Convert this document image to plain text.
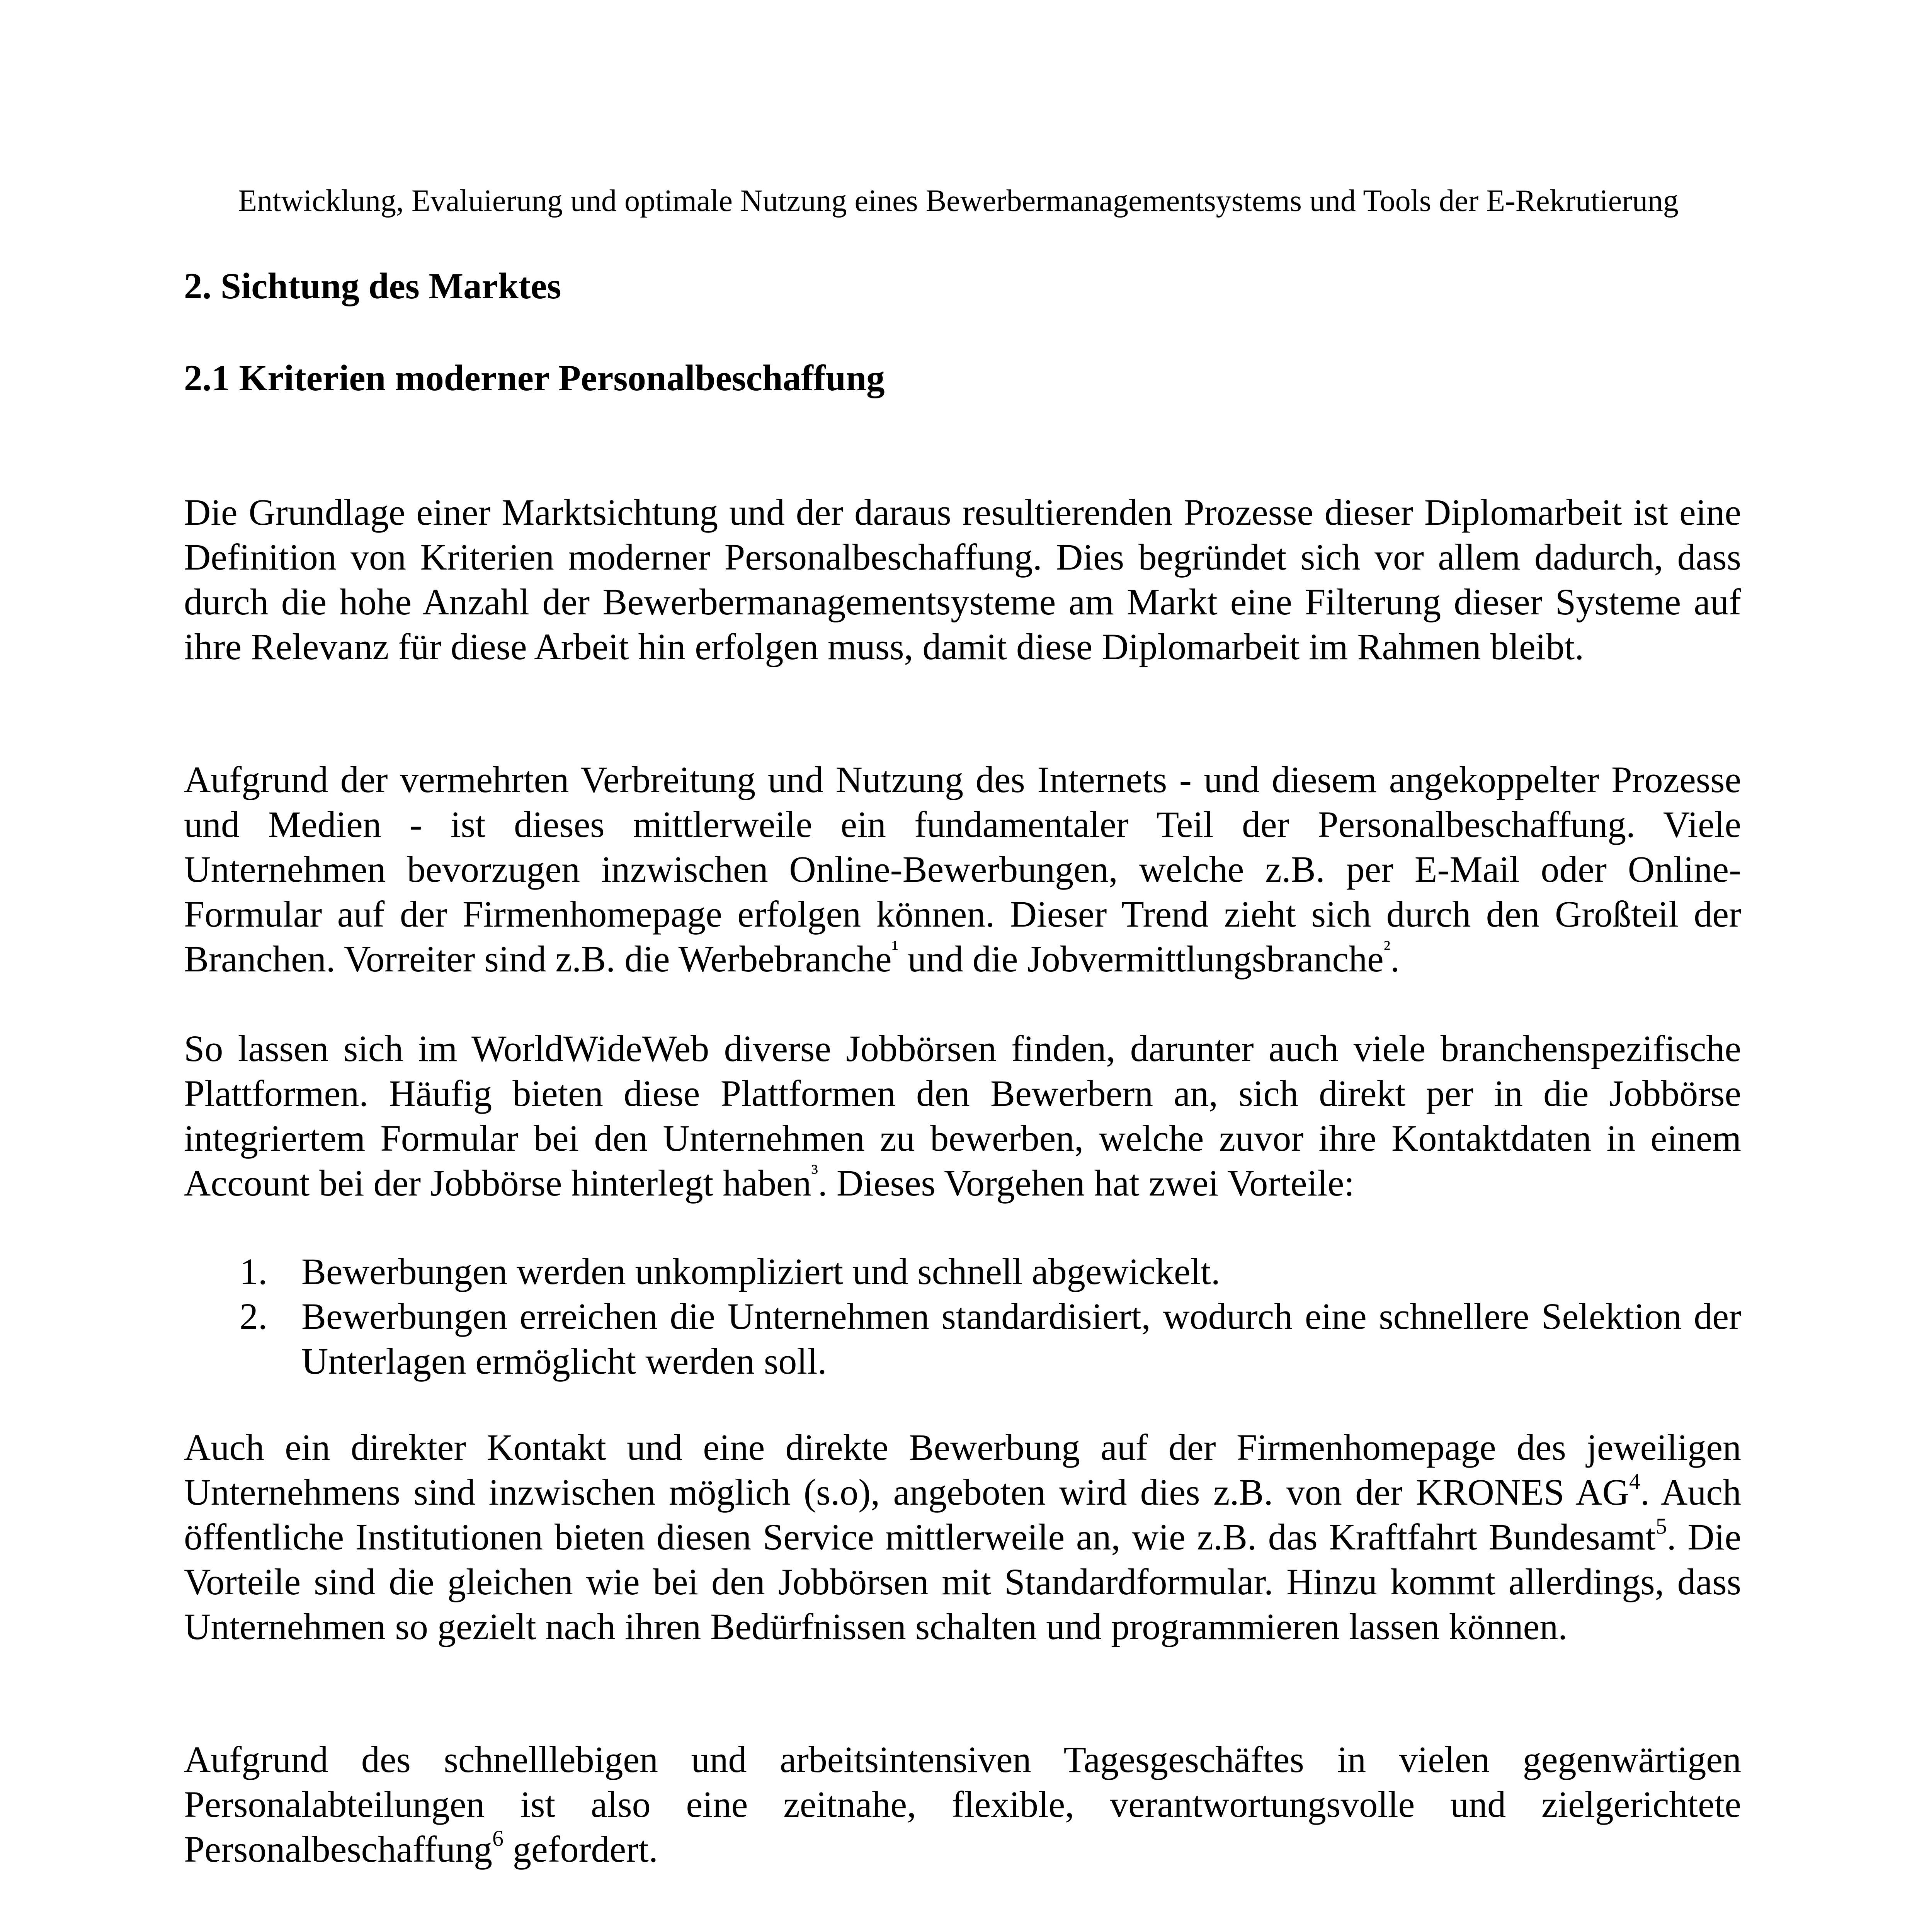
Entwicklung, Evaluierung und optimale Nutzung eines Bewerbermanagementsystems und Tools der E-Rekrutierung
2. Sichtung des Marktes
2.1 Kriterien moderner Personalbeschaffung

Die Grundlage einer Marktsichtung und der daraus resultierenden Prozesse dieser Diplomarbeit ist eine Definition von Kriterien moderner Personalbeschaffung. Dies begründet sich vor allem dadurch, dass durch die hohe Anzahl der Bewerbermanagementsysteme am Markt eine Filterung dieser Systeme auf ihre Relevanz für diese Arbeit hin erfolgen muss, damit diese Diplomarbeit im Rahmen bleibt.

Aufgrund der vermehrten Verbreitung und Nutzung des Internets - und diesem angekoppelter Prozesse und Medien - ist dieses mittlerweile ein fundamentaler Teil der Personalbeschaffung. Viele Unternehmen bevorzugen inzwischen Online-Bewerbungen, welche z.B. per E-Mail oder Online-Formular auf der Firmenhomepage erfolgen können. Dieser Trend zieht sich durch den Großteil der Branchen. Vorreiter sind z.B. die Werbebranche$^{^1}$ und die Jobvermittlungsbranche$^{^2}$.

So lassen sich im WorldWideWeb diverse Jobbörsen finden, darunter auch viele branchenspezifische Plattformen. Häufig bieten diese Plattformen den Bewerbern an, sich direkt per in die Jobbörse integriertem Formular bei den Unternehmen zu bewerben, welche zuvor ihre Kontaktdaten in einem Account bei der Jobbörse hinterlegt haben$^{^3}$. Dieses Vorgehen hat zwei Vorteile:

1. Bewerbungen werden unkompliziert und schnell abgewickelt.
2. Bewerbungen erreichen die Unternehmen standardisiert, wodurch eine schnellere Selektion der Unterlagen ermöglicht werden soll.

Auch ein direkter Kontakt und eine direkte Bewerbung auf der Firmenhomepage des jeweiligen Unternehmens sind inzwischen möglich (s.o), angeboten wird dies z.B. von der KRONES $AG^4$. Auch öffentliche Institutionen bieten diesen Service mittlerweile an, wie z.B. das Kraftfahrt Bundesamt$^5$. Die Vorteile sind die gleichen wie bei den Jobbörsen mit Standardformular. Hinzu kommt allerdings, dass Unternehmen so gezielt nach ihren Bedürfnissen schalten und programmieren lassen können.

Aufgrund des schnelllebigen und arbeitsintensiven Tagesgeschäftes in vielen gegenwärtigen Personalabteilungen ist also eine zeitnahe, flexible, verantwortungsvolle und zielgerichtete Personalbeschaffung$^6$ gefordert.
